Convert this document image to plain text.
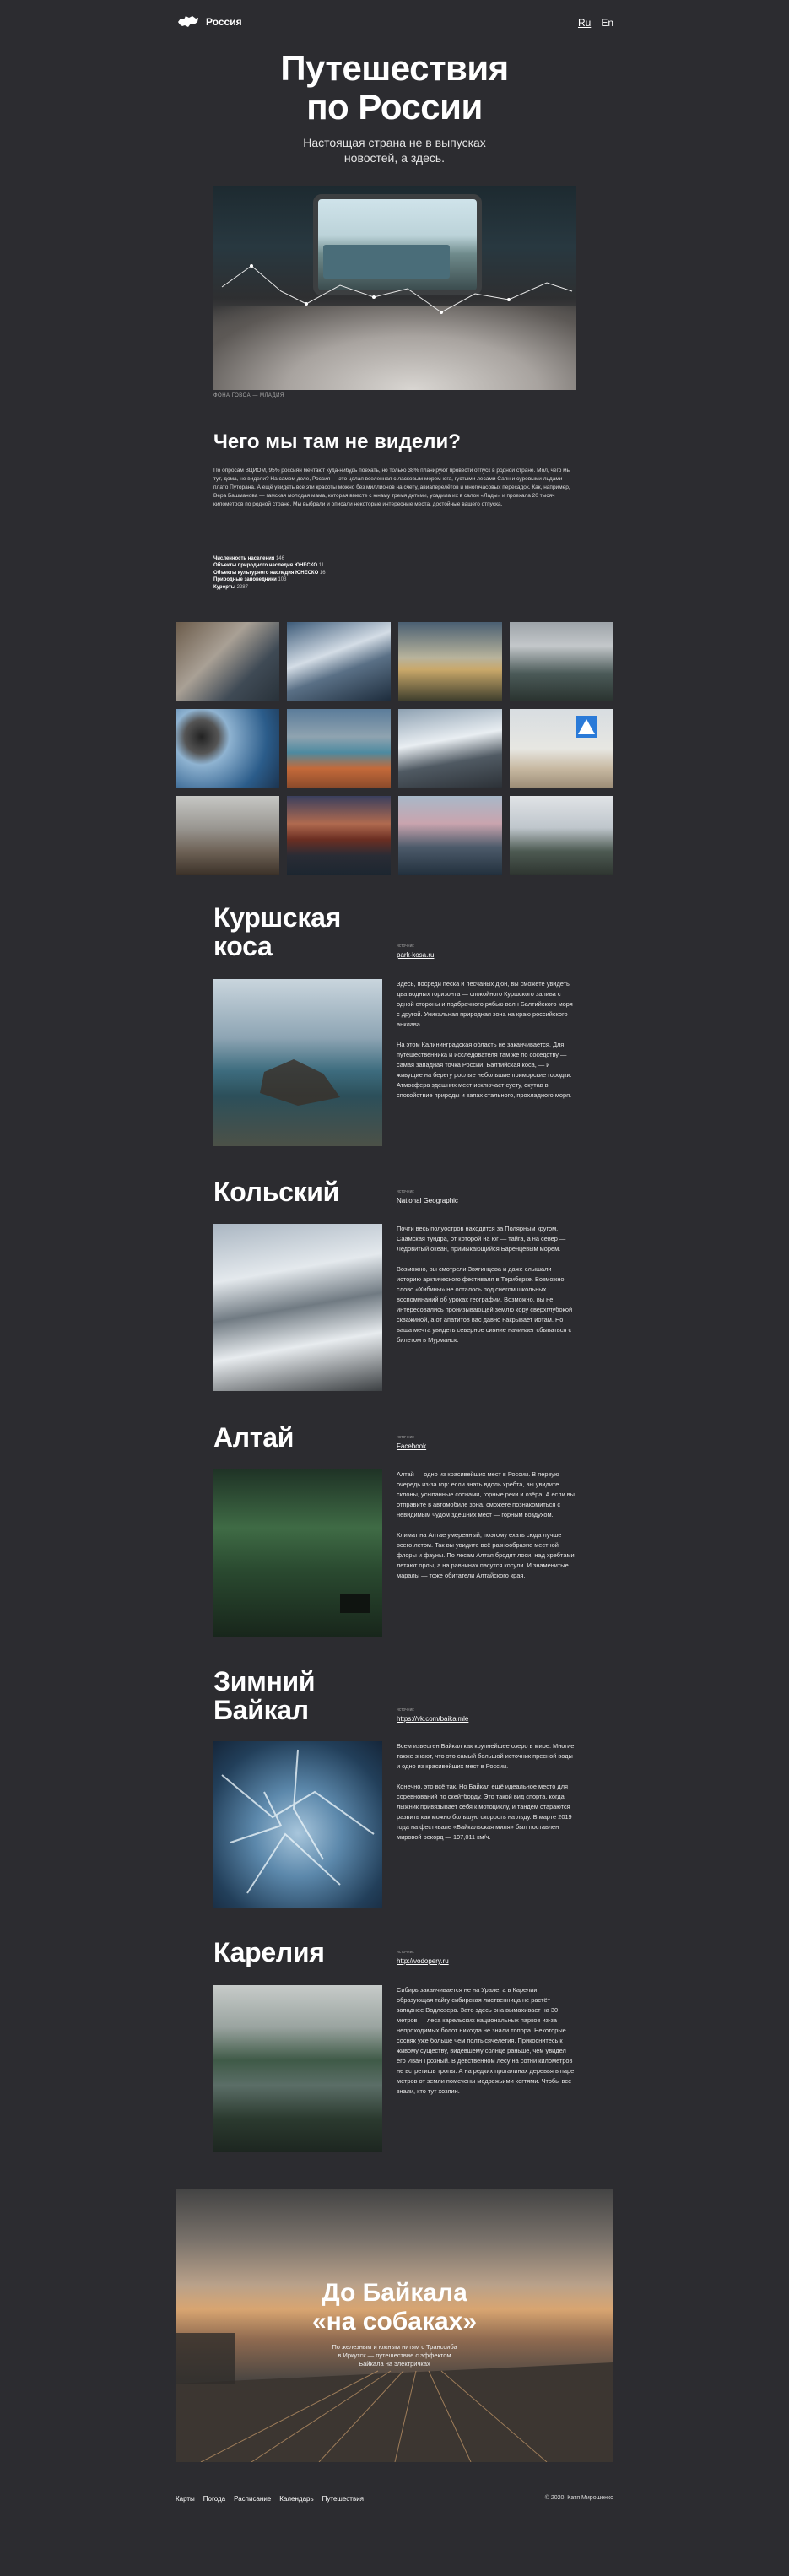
Россия	Ru En
Путешествия
по России
Настоящая страна не в выпусках
новостей, а здесь.
ФОНА ГОВОА — МЛАДИЯ
Чего мы там не видели?
По опросам ВЦИОМ, 95% россиян мечтают куда-нибудь поехать, но только 38% планируют провести отпуск в родной стране. Мол, чего мы тут, дома, не видели? На самом деле, Россия — это целая вселенная с ласковым морем юга, густыми лесами Саян и суровыми льдами плато Путорана. А ещё увидеть все эти красоты можно без миллионов на счету, авиаперелётов и многочасовых пересадок. Как, например, Вера Башманова — гамская молодая мама, которая вместе с юнаму тремя детьми, усадила их в салон «Лады» и проехала 20 тысяч километров по родной стране. Мы выбрали и описали некоторые интересные места, достойные вашего отпуска.
Численность населения 146
Объекты природного наследия ЮНЕСКО 11
Объекты культурного наследия ЮНЕСКО 16
Природные заповедники 103
Курорты 2287
Куршская
коса	источник
park-kosa.ru

Здесь, посреди песка и песчаных дюн, вы сможете увидеть два водных горизонта — спокойного Куршского залива с одной стороны и подбрачного рябью волн Балтийского моря с другой. Уникальная природная зона на краю российского анклава.

На этом Калининградская область не заканчивается. Для путешественника и исследователя там же по соседству — самая западная точка России, Балтийская коса, — и живущие на берегу рослые небольшие приморские городки. Атмосфера здешних мест исключает суету, окутав в спокойствие природы и запах стального, прохладного моря.

Кольский	источник
National Geographic

Почти весь полуостров находится за Полярным кругом. Саамская тундра, от которой на юг — тайга, а на север — Ледовитый океан, примыкающийся Баренцевым морем.

Возможно, вы смотрели Звягинцева и даже слышали историю арктического фестиваля в Териберке. Возможно, слово «Хибины» не осталось под снегом школьных воспоминаний об уроках географии. Возможно, вы не интересовались пронизывающей землю кору сверхглубокой скважиной, а от апатитов вас давно накрывает иотам. Но ваша мечта увидеть северное сияние начинает сбываться с билетом в Мурманск.

Алтай	источник
Facebook

Алтай — одно из красивейших мест в России. В первую очередь из-за гор: если знать вдоль хребта, вы увидите склоны, усыпанные соснами, горные реки и озёра. А если вы отправите в автомобиле зона, сможете познакомиться с невидимым чудом здешних мест — горным воздухом.

Климат на Алтае умеренный, поэтому ехать сюда лучше всего летом. Так вы увидите всё разнообразие местной флоры и фауны. По лесам Алтая бродят лоси, над хребтами летают орлы, а на равнинах пасутся косули. И знаменитые маралы — тоже обитатели Алтайского края.

Зимний
Байкал	источник
https://vk.com/baikalmle

Всем известен Байкал как крупнейшее озеро в мире. Многие также знают, что это самый большой источник пресной воды и одно из красивейших мест в России.

Конечно, это всё так. Но Байкал ещё идеальное место для соревнований по скейтборду. Это такой вид спорта, когда лыжник привязывает себя к мотоциклу, и тандем стараются развить как можно большую скорость на льду. В марте 2019 года на фестивале «Байкальская миля» был поставлен мировой рекорд — 197,011 км/ч.

Карелия	источник
http://vodopery.ru

Сибирь заканчивается не на Урале, а в Карелии: образующая тайгу сибирская лиственница не растёт западнее Водлозера. Зато здесь она вымахивает на 30 метров — леса карельских национальных парков из-за непроходимых болот никогда не знали топора. Некоторые сосняк уже больше чем полтысячелетия. Прикоснитесь к живому существу, видевшему солнце раньше, чем увидел его Иван Грозный. В девственном лесу на сотни километров не встретишь тропы. А на редких прогалинах деревья в паре метров от земли помечены медвежьими когтями. Чтобы все знали, кто тут хозяин.

До Байкала
«на собаках»
По железным и южным нитям с Транссиба
в Иркутск — путешествие с эффектом
Байкала на электричках
Карты Погода Расписание Календарь Путешествия	© 2020. Катя Мирошенко
